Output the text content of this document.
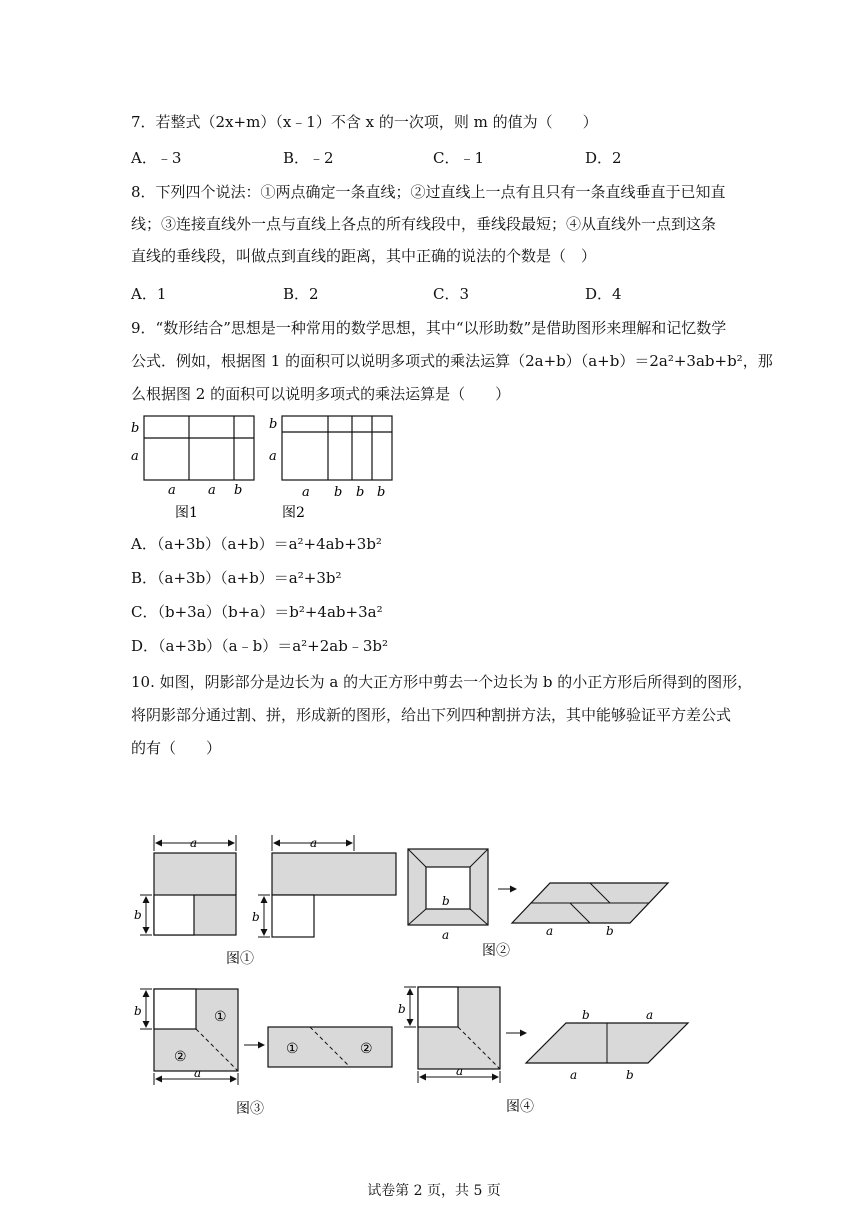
7．若整式（2x+m）（x﹣1）不含 x 的一次项，则 m 的值为（　　）
A．﹣3	B．﹣2	C．﹣1	D．2
8．下列四个说法：①两点确定一条直线；②过直线上一点有且只有一条直线垂直于已知直
线；③连接直线外一点与直线上各点的所有线段中，垂线段最短；④从直线外一点到这条
直线的垂线段，叫做点到直线的距离，其中正确的说法的个数是（　）
A．1	B．2	C．3	D．4
9．“数形结合”思想是一种常用的数学思想，其中“以形助数”是借助图形来理解和记忆数学
公式．例如，根据图 1 的面积可以说明多项式的乘法运算（2a+b）（a+b）＝2a²+3ab+b²，那
么根据图 2 的面积可以说明多项式的乘法运算是（　　）
b
a
a a b
图1
b
a
a b b b
图2
A．（a+3b）（a+b）＝a²+4ab+3b²
B．（a+3b）（a+b）＝a²+3b²
C．（b+3a）（b+a）＝b²+4ab+3a²
D．（a+3b）（a﹣b）＝a²+2ab﹣3b²
10. 如图，阴影部分是边长为 a 的大正方形中剪去一个边长为 b 的小正方形后所得到的图形，
将阴影部分通过割、拼，形成新的图形，给出下列四种割拼方法，其中能够验证平方差公式
的有（　　）
a
b
a
b
图①
b
a	a	b
图②
①
②
b
a
①	②
图③
b
a
b	a
a	b
图④
试卷第 2 页，共 5 页
